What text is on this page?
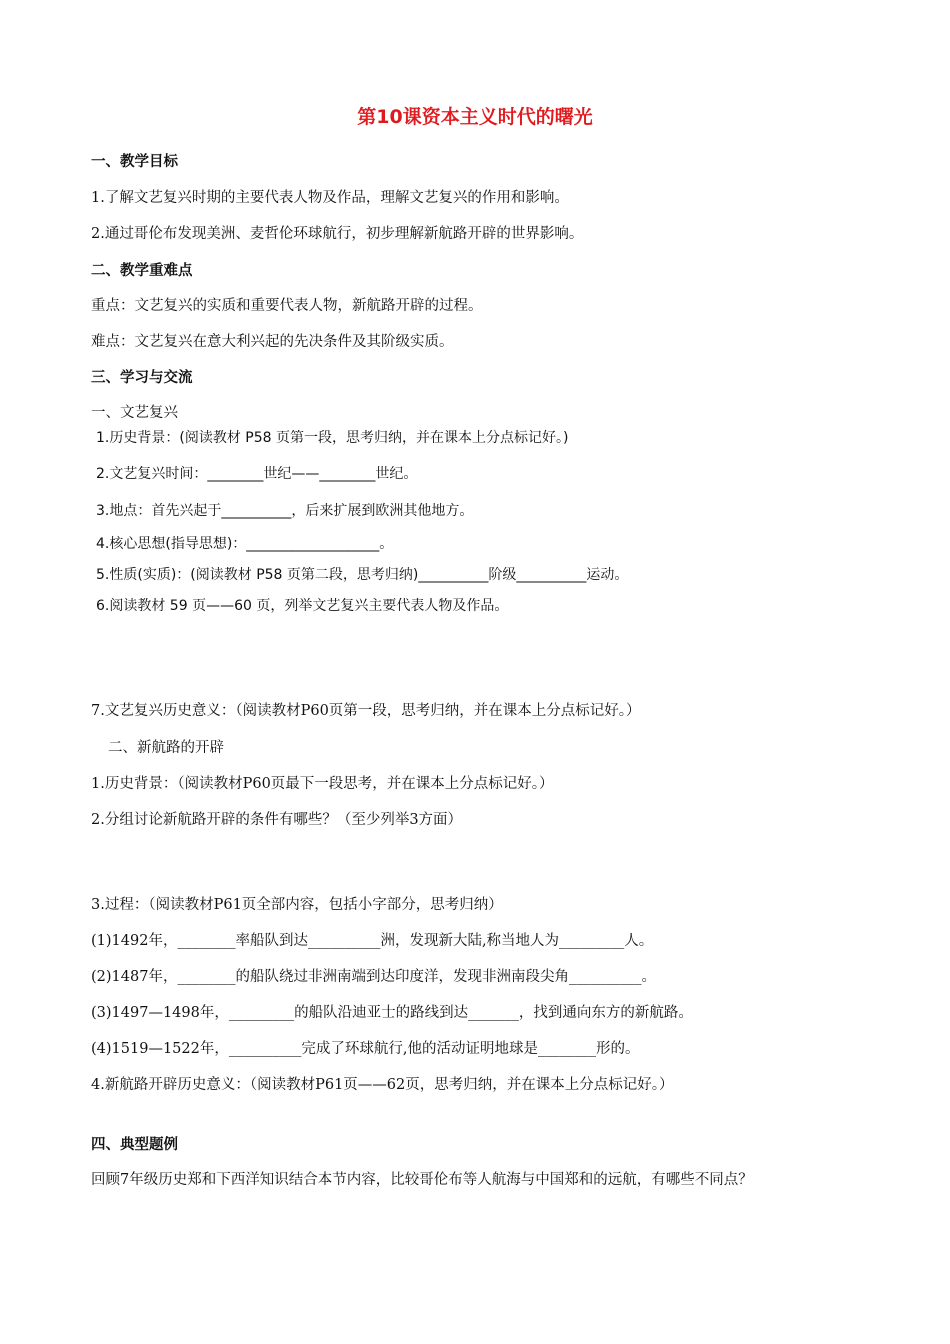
第10课资本主义时代的曙光
一、教学目标
1.了解文艺复兴时期的主要代表人物及作品，理解文艺复兴的作用和影响。
2.通过哥伦布发现美洲、麦哲伦环球航行，初步理解新航路开辟的世界影响。
二、教学重难点
重点：文艺复兴的实质和重要代表人物，新航路开辟的过程。
难点：文艺复兴在意大利兴起的先决条件及其阶级实质。
三、学习与交流
一、文艺复兴
1.历史背景：(阅读教材 P58 页第一段，思考归纳，并在课本上分点标记好。)
2.文艺复兴时间：________世纪——________世纪。
3.地点：首先兴起于__________，后来扩展到欧洲其他地方。
4.核心思想(指导思想)：___________________。
5.性质(实质)：(阅读教材 P58 页第二段，思考归纳)__________阶级__________运动。
6.阅读教材 59 页——60 页，列举文艺复兴主要代表人物及作品。
7.文艺复兴历史意义：（阅读教材P60页第一段，思考归纳，并在课本上分点标记好。）
二、新航路的开辟
1.历史背景：（阅读教材P60页最下一段思考，并在课本上分点标记好。）
2.分组讨论新航路开辟的条件有哪些？（至少列举3方面）
3.过程：（阅读教材P61页全部内容，包括小字部分，思考归纳）
(1)1492年，________率船队到达__________洲，发现新大陆,称当地人为_________人。
(2)1487年，________的船队绕过非洲南端到达印度洋，发现非洲南段尖角__________。
(3)1497—1498年，_________的船队沿迪亚士的路线到达_______，找到通向东方的新航路。
(4)1519—1522年，__________完成了环球航行,他的活动证明地球是________形的。
4.新航路开辟历史意义：（阅读教材P61页——62页，思考归纳，并在课本上分点标记好。）
四、典型题例
回顾7年级历史郑和下西洋知识结合本节内容，比较哥伦布等人航海与中国郑和的远航，有哪些不同点？
